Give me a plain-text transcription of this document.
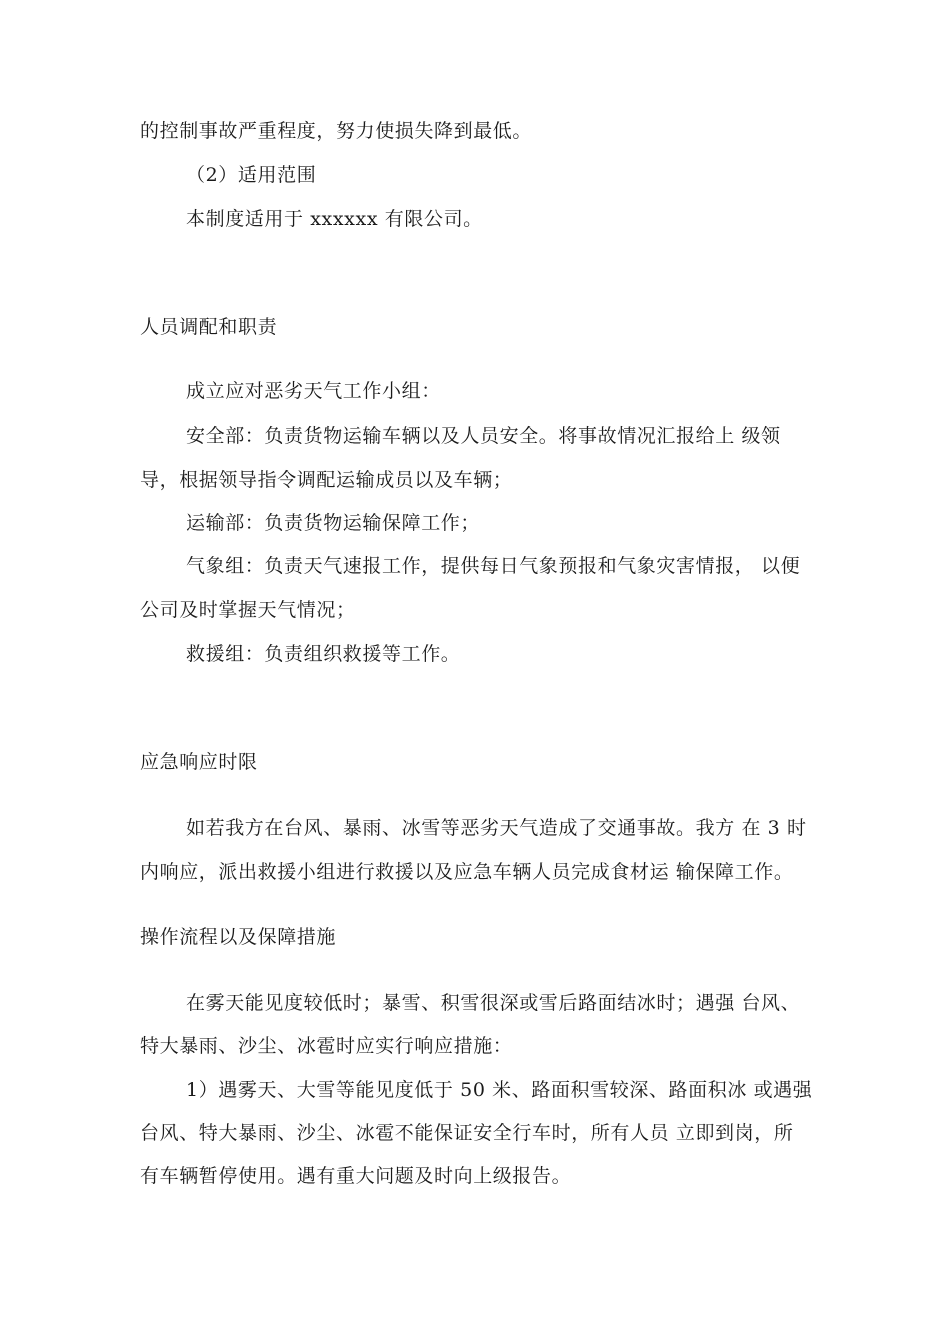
的控制事故严重程度，努力使损失降到最低。
（2）适用范围
本制度适用于 xxxxxx 有限公司。
人员调配和职责
成立应对恶劣天气工作小组：
安全部：负责货物运输车辆以及人员安全。将事故情况汇报给上 级领
导，根据领导指令调配运输成员以及车辆；
运输部：负责货物运输保障工作；
气象组：负责天气速报工作，提供每日气象预报和气象灾害情报， 以便
公司及时掌握天气情况；
救援组：负责组织救援等工作。
应急响应时限
如若我方在台风、暴雨、冰雪等恶劣天气造成了交通事故。我方 在 3 时
内响应，派出救援小组进行救援以及应急车辆人员完成食材运 输保障工作。
操作流程以及保障措施
在雾天能见度较低时；暴雪、积雪很深或雪后路面结冰时；遇强 台风、
特大暴雨、沙尘、冰雹时应实行响应措施：
1）遇雾天、大雪等能见度低于 50 米、路面积雪较深、路面积冰 或遇强
台风、特大暴雨、沙尘、冰雹不能保证安全行车时，所有人员 立即到岗，所
有车辆暂停使用。遇有重大问题及时向上级报告。
